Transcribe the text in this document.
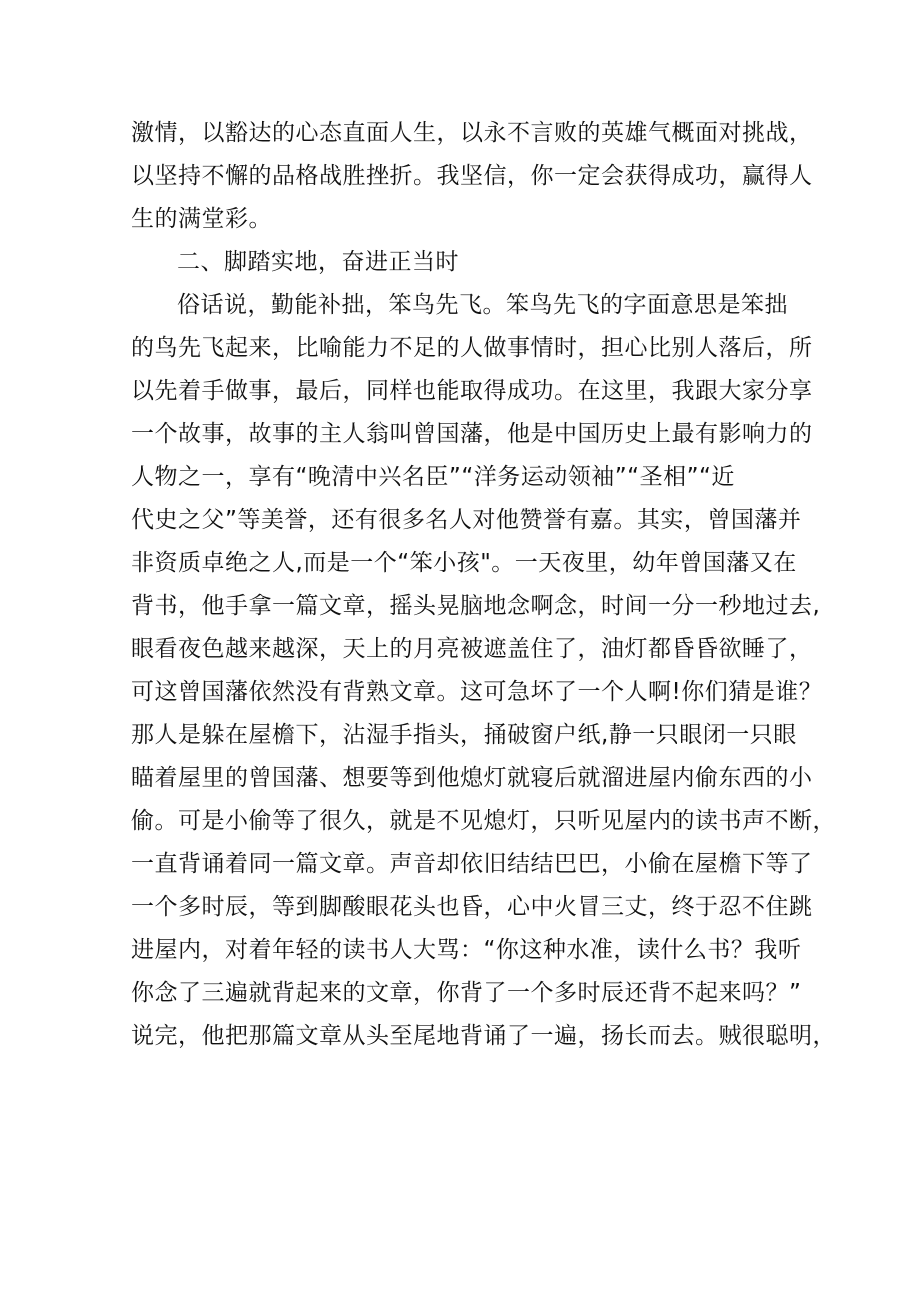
激情，以豁达的心态直面人生，以永不言败的英雄气概面对挑战，
以坚持不懈的品格战胜挫折。我坚信，你一定会获得成功，赢得人
生的满堂彩。
二、脚踏实地，奋进正当时
俗话说，勤能补拙，笨鸟先飞。笨鸟先飞的字面意思是笨拙
的鸟先飞起来，比喻能力不足的人做事情时，担心比别人落后，所
以先着手做事，最后，同样也能取得成功。在这里，我跟大家分享
一个故事，故事的主人翁叫曾国藩，他是中国历史上最有影响力的
人物之一，享有“晚清中兴名臣”“洋务运动领袖”“圣相”“近
代史之父”等美誉，还有很多名人对他赞誉有嘉。其实，曾国藩并
非资质卓绝之人,而是一个“笨小孩"。一天夜里，幼年曾国藩又在
背书，他手拿一篇文章，摇头晃脑地念啊念，时间一分一秒地过去,
眼看夜色越来越深，天上的月亮被遮盖住了，油灯都昏昏欲睡了，
可这曾国藩依然没有背熟文章。这可急坏了一个人啊!你们猜是谁？
那人是躲在屋檐下，沾湿手指头，捅破窗户纸,静一只眼闭一只眼
瞄着屋里的曾国藩、想要等到他熄灯就寝后就溜进屋内偷东西的小
偷。可是小偷等了很久，就是不见熄灯，只听见屋内的读书声不断，
一直背诵着同一篇文章。声音却依旧结结巴巴，小偷在屋檐下等了
一个多时辰，等到脚酸眼花头也昏，心中火冒三丈，终于忍不住跳
进屋内，对着年轻的读书人大骂：“你这种水准，读什么书？我听
你念了三遍就背起来的文章，你背了一个多时辰还背不起来吗？”
说完，他把那篇文章从头至尾地背诵了一遍，扬长而去。贼很聪明，
